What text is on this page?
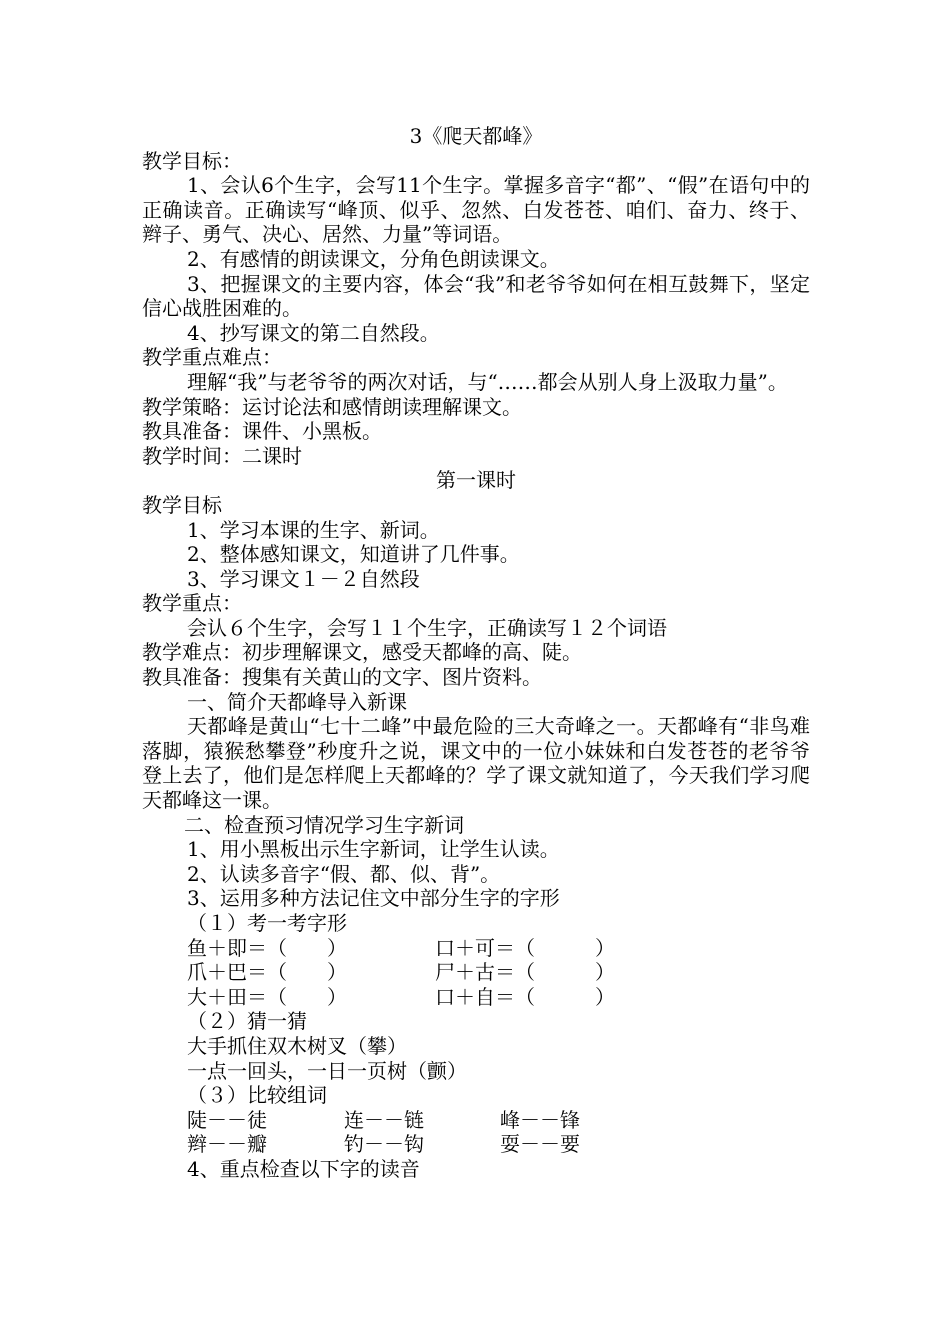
3《爬天都峰》
教学目标：
1、会认6个生字，会写11个生字。掌握多音字“都”、“假”在语句中的正确读音。正确读写“峰顶、似乎、忽然、白发苍苍、咱们、奋力、终于、辫子、勇气、决心、居然、力量”等词语。
2、有感情的朗读课文，分角色朗读课文。
3、把握课文的主要内容，体会“我”和老爷爷如何在相互鼓舞下，坚定信心战胜困难的。
4、抄写课文的第二自然段。
教学重点难点：
理解“我”与老爷爷的两次对话，与“……都会从别人身上汲取力量”。
教学策略：运讨论法和感情朗读理解课文。
教具准备：课件、小黑板。
教学时间：二课时
第一课时
教学目标
1、学习本课的生字、新词。
2、整体感知课文，知道讲了几件事。
3、学习课文１－２自然段
教学重点：
会认６个生字，会写１１个生字，正确读写１２个词语
教学难点：初步理解课文，感受天都峰的高、陡。
教具准备：搜集有关黄山的文字、图片资料。
一、简介天都峰导入新课
天都峰是黄山“七十二峰”中最危险的三大奇峰之一。天都峰有“非鸟难落脚，猿猴愁攀登”秒度升之说，课文中的一位小妹妹和白发苍苍的老爷爷登上去了，他们是怎样爬上天都峰的？学了课文就知道了，今天我们学习爬天都峰这一课。
二、检查预习情况学习生字新词
1、用小黑板出示生字新词，让学生认读。
2、认读多音字“假、都、似、背”。
3、运用多种方法记住文中部分生字的字形
（１）考一考字形
鱼＋即＝（　　）	口＋可＝（　　　）
爪＋巴＝（　　）	尸＋古＝（　　　）
大＋田＝（　　）	口＋自＝（　　　）
（２）猜一猜
大手抓住双木树叉（攀）
一点一回头，一日一页树（颤）
（３）比较组词
陡－－徒	连－－链	峰－－锋
辫－－瓣	钓－－钩	耍－－要
4、重点检查以下字的读音
